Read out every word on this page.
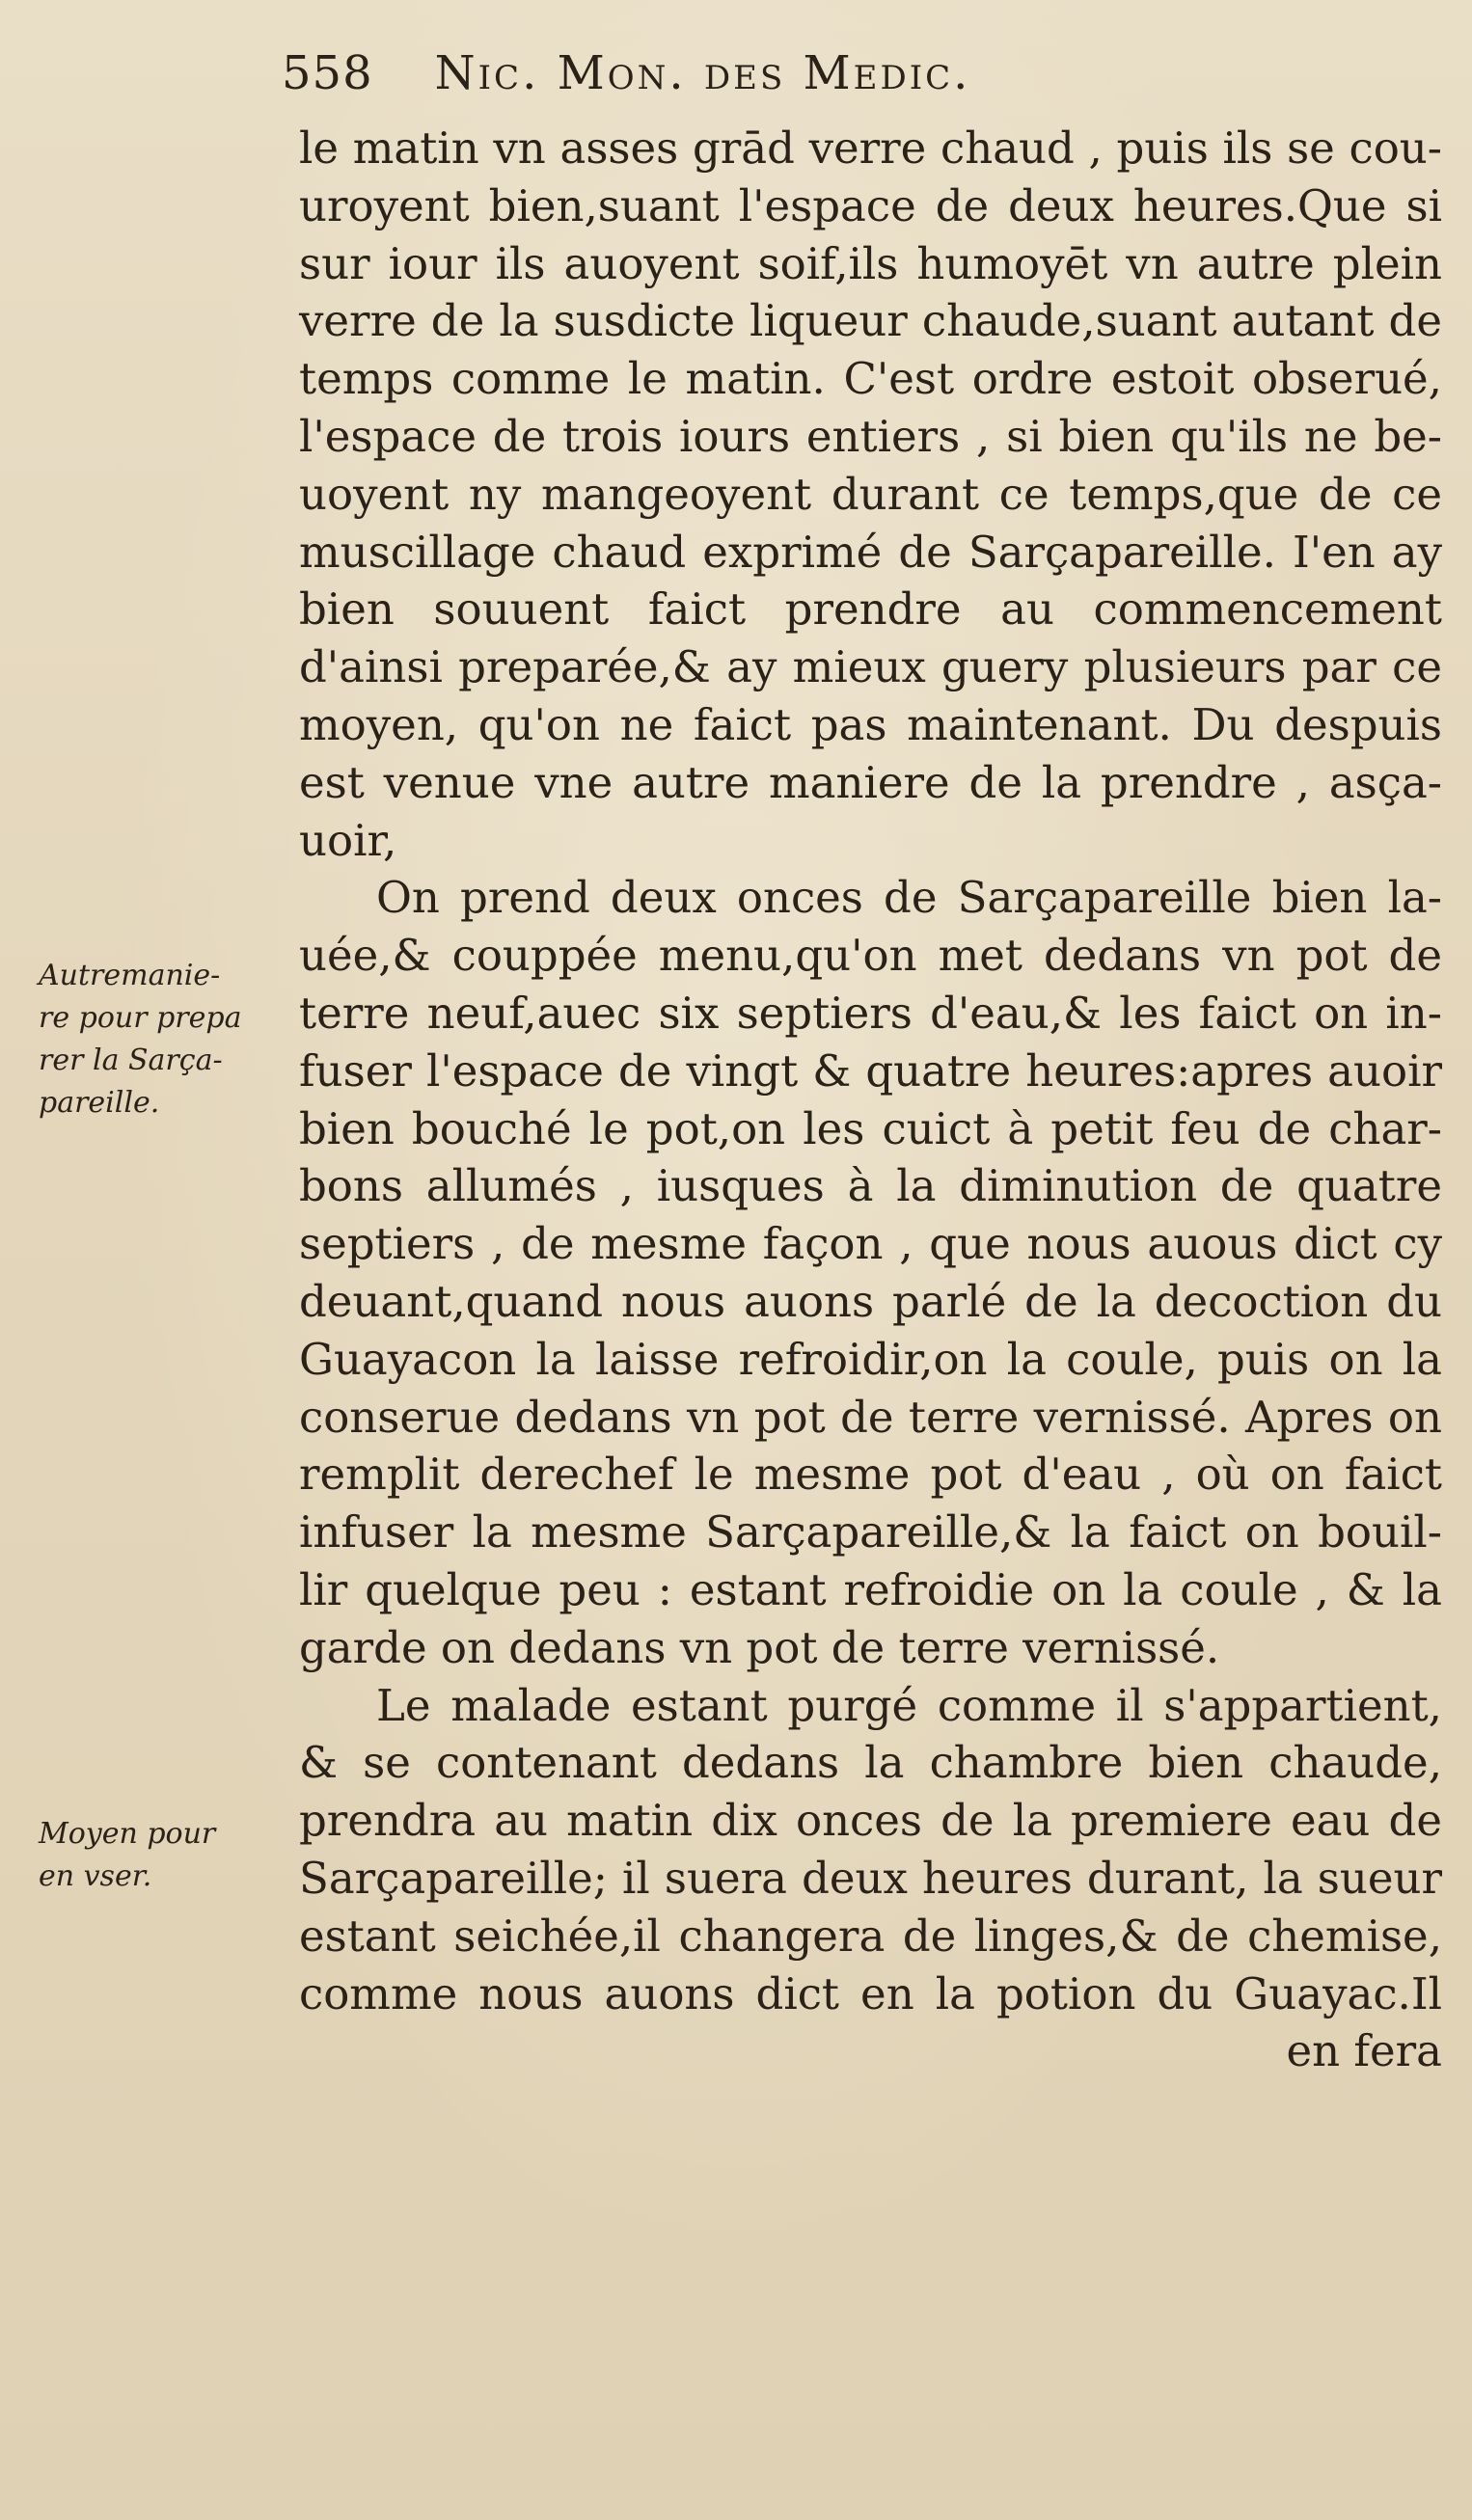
558 Nic. Mon. des Medic.
Autremanie-
re pour prepa
rer la Sarça-
pareille.
Moyen pour
en vser.
le matin vn asses grād verre chaud , puis ils se cou-
uroyent bien,suant l'espace de deux heures.Que si
sur iour ils auoyent soif,ils humoyēt vn autre plein
verre de la susdicte liqueur chaude,suant autant de
temps comme le matin. C'est ordre estoit obserué,
l'espace de trois iours entiers , si bien qu'ils ne be-
uoyent ny mangeoyent durant ce temps,que de ce
muscillage chaud exprimé de Sarçapareille. I'en ay
bien souuent faict prendre au commencement
d'ainsi preparée,& ay mieux guery plusieurs par ce
moyen, qu'on ne faict pas maintenant. Du despuis
est venue vne autre maniere de la prendre , asça-
uoir,
On prend deux onces de Sarçapareille bien la-
uée,& couppée menu,qu'on met dedans vn pot de
terre neuf,auec six septiers d'eau,& les faict on in-
fuser l'espace de vingt & quatre heures:apres auoir
bien bouché le pot,on les cuict à petit feu de char-
bons allumés , iusques à la diminution de quatre
septiers , de mesme façon , que nous auous dict cy
deuant,quand nous auons parlé de la decoction du
Guayacon la laisse refroidir,on la coule, puis on la
conserue dedans vn pot de terre vernissé. Apres on
remplit derechef le mesme pot d'eau , où on faict
infuser la mesme Sarçapareille,& la faict on bouil-
lir quelque peu : estant refroidie on la coule , & la
garde on dedans vn pot de terre vernissé.
Le malade estant purgé comme il s'appartient,
& se contenant dedans la chambre bien chaude,
prendra au matin dix onces de la premiere eau de
Sarçapareille; il suera deux heures durant, la sueur
estant seichée,il changera de linges,& de chemise,
comme nous auons dict en la potion du Guayac.Il
en fera
